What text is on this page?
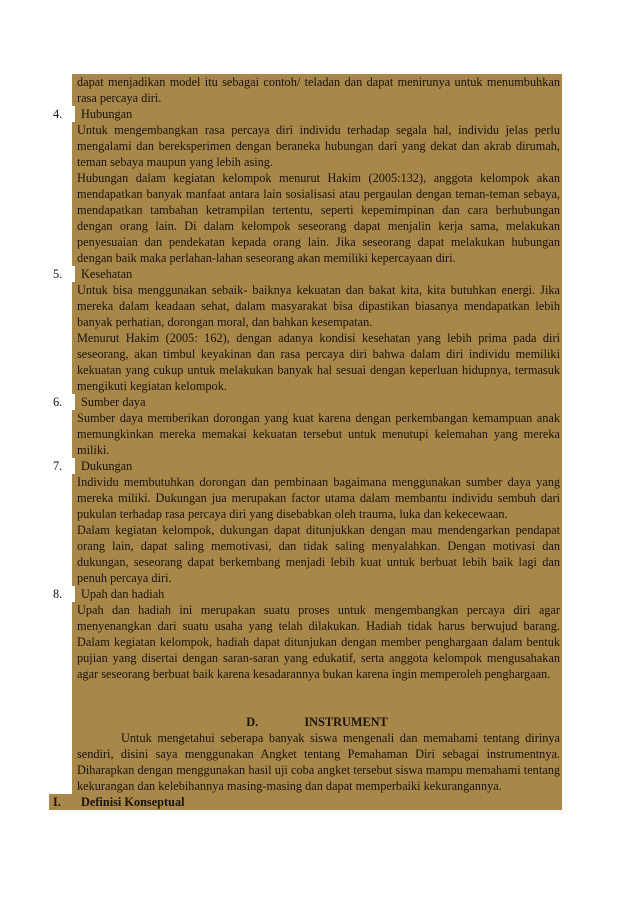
dapat menjadikan model itu sebagai contoh/ teladan dan dapat menirunya untuk menumbuhkan rasa percaya diri.

4.	Hubungan

Untuk mengembangkan rasa percaya diri individu terhadap segala hal, individu jelas perlu mengalami dan bereksperimen dengan beraneka hubungan dari yang dekat dan akrab dirumah, teman sebaya maupun yang lebih asing.

Hubungan dalam kegiatan kelompok menurut Hakim (2005:132), anggota kelompok akan mendapatkan banyak manfaat antara lain sosialisasi atau pergaulan dengan teman-teman sebaya, mendapatkan tambahan ketrampilan tertentu, seperti kepemimpinan dan cara berhubungan dengan orang lain. Di dalam kelompok seseorang dapat menjalin kerja sama, melakukan penyesuaian dan pendekatan kepada orang lain. Jika seseorang dapat melakukan hubungan dengan baik maka perlahan-lahan seseorang akan memiliki kepercayaan diri.

5.	Kesehatan

Untuk bisa menggunakan sebaik- baiknya kekuatan dan bakat kita, kita butuhkan energi. Jika mereka dalam keadaan sehat, dalam masyarakat bisa dipastikan biasanya mendapatkan lebih banyak perhatian, dorongan moral, dan bahkan kesempatan.

Menurut Hakim (2005: 162), dengan adanya kondisi kesehatan yang lebih prima pada diri seseorang, akan timbul keyakinan dan rasa percaya diri bahwa dalam diri individu memiliki kekuatan yang cukup untuk melakukan banyak hal sesuai dengan keperluan hidupnya, termasuk mengikuti kegiatan kelompok.

6.	Sumber daya

Sumber daya memberikan dorongan yang kuat karena dengan perkembangan kemampuan anak memungkinkan mereka memakai kekuatan tersebut untuk menutupi kelemahan yang mereka miliki.

7.	Dukungan

Individu membutuhkan dorongan dan pembinaan bagaimana menggunakan sumber daya yang mereka miliki. Dukungan jua merupakan factor utama dalam membantu individu sembuh dari pukulan terhadap rasa percaya diri yang disebabkan oleh trauma, luka dan kekecewaan.

Dalam kegiatan kelompok, dukungan dapat ditunjukkan dengan mau mendengarkan pendapat orang lain, dapat saling memotivasi, dan tidak saling menyalahkan. Dengan motivasi dan dukungan, seseorang dapat berkembang menjadi lebih kuat untuk berbuat lebih baik lagi dan penuh percaya diri.

8.	Upah dan hadiah

Upah dan hadiah ini merupakan suatu proses untuk mengembangkan percaya diri agar menyenangkan dari suatu usaha yang telah dilakukan. Hadiah tidak harus berwujud barang. Dalam kegiatan kelompok, hadiah dapat ditunjukan dengan member penghargaan dalam bentuk pujian yang disertai dengan saran-saran yang edukatif, serta anggota kelompok mengusahakan agar seseorang berbuat baik karena kesadarannya bukan karena ingin memperoleh penghargaan.

D.	INSTRUMENT

Untuk mengetahui seberapa banyak siswa mengenali dan memahami tentang dirinya sendiri, disini saya menggunakan Angket tentang Pemahaman Diri sebagai instrumentnya. Diharapkan dengan menggunakan hasil uji coba angket tersebut siswa mampu memahami tentang kekurangan dan kelebihannya masing-masing dan dapat memperbaiki kekurangannya.

I.	Definisi Konseptual
